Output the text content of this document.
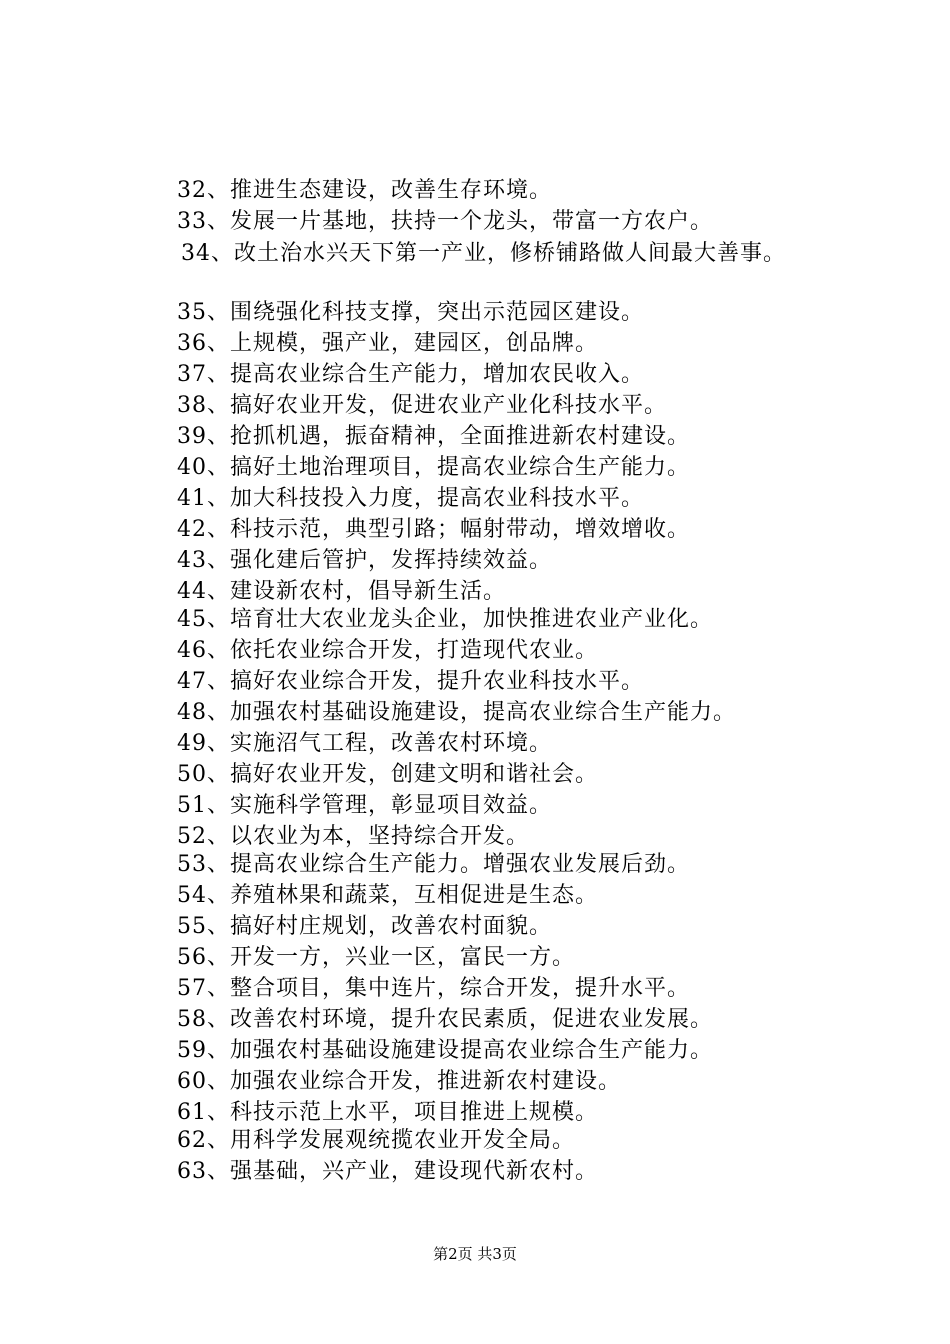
32、推进生态建设，改善生存环境。
33、发展一片基地，扶持一个龙头，带富一方农户。
34、改土治水兴天下第一产业，修桥铺路做人间最大善事。
35、围绕强化科技支撑，突出示范园区建设。
36、上规模，强产业，建园区，创品牌。
37、提高农业综合生产能力，增加农民收入。
38、搞好农业开发，促进农业产业化科技水平。
39、抢抓机遇，振奋精神，全面推进新农村建设。
40、搞好土地治理项目，提高农业综合生产能力。
41、加大科技投入力度，提高农业科技水平。
42、科技示范，典型引路；幅射带动，增效增收。
43、强化建后管护，发挥持续效益。
44、建设新农村，倡导新生活。
45、培育壮大农业龙头企业，加快推进农业产业化。
46、依托农业综合开发，打造现代农业。
47、搞好农业综合开发，提升农业科技水平。
48、加强农村基础设施建设，提高农业综合生产能力。
49、实施沼气工程，改善农村环境。
50、搞好农业开发，创建文明和谐社会。
51、实施科学管理，彰显项目效益。
52、以农业为本，坚持综合开发。
53、提高农业综合生产能力。增强农业发展后劲。
54、养殖林果和蔬菜，互相促进是生态。
55、搞好村庄规划，改善农村面貌。
56、开发一方，兴业一区，富民一方。
57、整合项目，集中连片，综合开发，提升水平。
58、改善农村环境，提升农民素质，促进农业发展。
59、加强农村基础设施建设提高农业综合生产能力。
60、加强农业综合开发，推进新农村建设。
61、科技示范上水平，项目推进上规模。
62、用科学发展观统揽农业开发全局。
63、强基础，兴产业，建设现代新农村。
第2页 共3页
